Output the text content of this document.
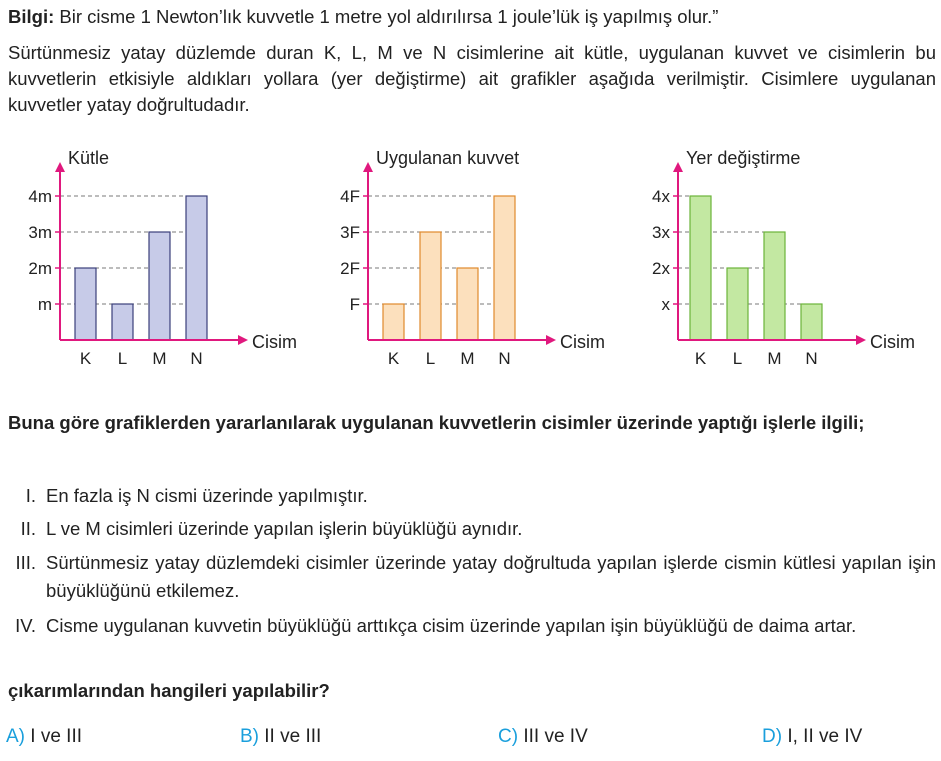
Bilgi: Bir cisme 1 Newton’lık kuvvetle 1 metre yol aldırılırsa 1 joule’lük iş yapılmış olur.”
Sürtünmesiz yatay düzlemde duran K, L, M ve N cisimlerine ait kütle, uygulanan kuvvet ve cisimlerin bu kuvvetlerin etkisiyle aldıkları yollara (yer değiştirme) ait grafikler aşağıda verilmiştir. Cisimlere uygulanan kuvvetler yatay doğrultudadır.
Kütle
m
2m
3m
4m
K L M N
Cisim
Uygulanan kuvvet
F
2F
3F
4F
K L M N
Cisim
Yer değiştirme
x
2x
3x
4x
K L M N
Cisim
Buna göre grafiklerden yararlanılarak uygulanan kuvvetlerin cisimler üzerinde yaptığı işlerle ilgili;
I. En fazla iş N cismi üzerinde yapılmıştır.
II. L ve M cisimleri üzerinde yapılan işlerin büyüklüğü aynıdır.
III. Sürtünmesiz yatay düzlemdeki cisimler üzerinde yatay doğrultuda yapılan işlerde cismin kütlesi yapılan işin büyüklüğünü etkilemez.
IV. Cisme uygulanan kuvvetin büyüklüğü arttıkça cisim üzerinde yapılan işin büyüklüğü de daima artar.
çıkarımlarından hangileri yapılabilir?
A) I ve III	B) II ve III	C) III ve IV	D) I, II ve IV
